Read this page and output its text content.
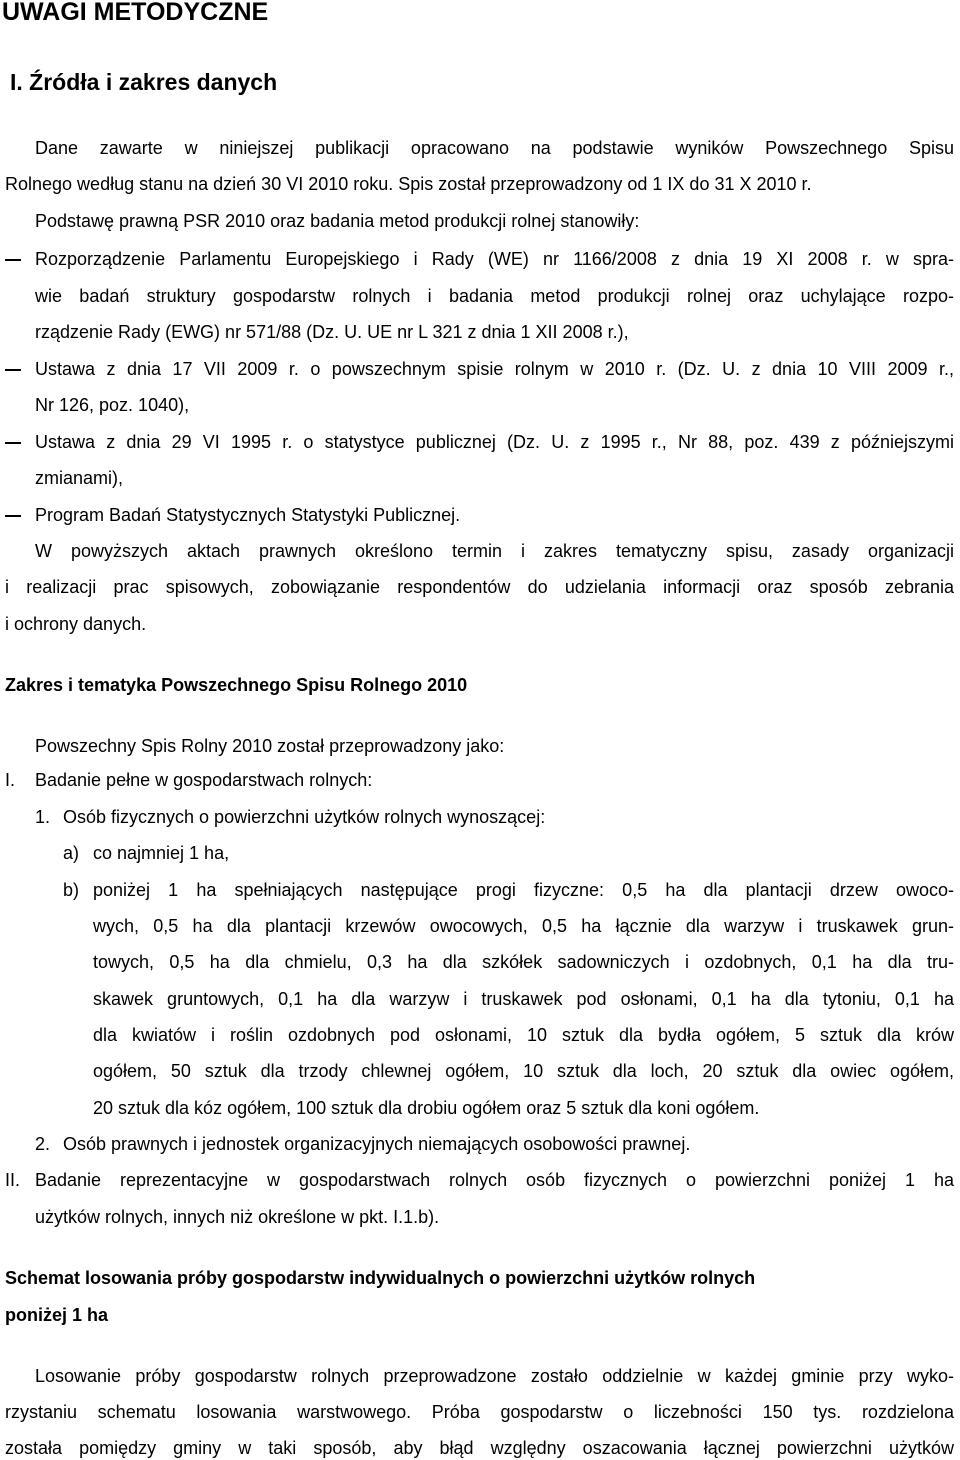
UWAGI METODYCZNE
I. Źródła i zakres danych
Dane zawarte w niniejszej publikacji opracowano na podstawie wyników Powszechnego Spisu
Rolnego według stanu na dzień 30 VI 2010 roku. Spis został przeprowadzony od 1 IX do 31 X 2010 r.
Podstawę prawną PSR 2010 oraz badania metod produkcji rolnej stanowiły:
Rozporządzenie Parlamentu Europejskiego i Rady (WE) nr 1166/2008 z dnia 19 XI 2008 r. w spra-
wie badań struktury gospodarstw rolnych i badania metod produkcji rolnej oraz uchylające rozpo-
rządzenie Rady (EWG) nr 571/88 (Dz. U. UE nr L 321 z dnia 1 XII 2008 r.),
Ustawa z dnia 17 VII 2009 r. o powszechnym spisie rolnym w 2010 r. (Dz. U. z dnia 10 VIII 2009 r.,
Nr 126, poz. 1040),
Ustawa z dnia 29 VI 1995 r. o statystyce publicznej (Dz. U. z 1995 r., Nr 88, poz. 439 z późniejszymi
zmianami),
Program Badań Statystycznych Statystyki Publicznej.
W powyższych aktach prawnych określono termin i zakres tematyczny spisu, zasady organizacji
i realizacji prac spisowych, zobowiązanie respondentów do udzielania informacji oraz sposób zebrania
i ochrony danych.
Zakres i tematyka Powszechnego Spisu Rolnego 2010
Powszechny Spis Rolny 2010 został przeprowadzony jako:
I. Badanie pełne w gospodarstwach rolnych:
1. Osób fizycznych o powierzchni użytków rolnych wynoszącej:
a) co najmniej 1 ha,
b) poniżej 1 ha spełniających następujące progi fizyczne: 0,5 ha dla plantacji drzew owoco-
wych, 0,5 ha dla plantacji krzewów owocowych, 0,5 ha łącznie dla warzyw i truskawek grun-
towych, 0,5 ha dla chmielu, 0,3 ha dla szkółek sadowniczych i ozdobnych, 0,1 ha dla tru-
skawek gruntowych, 0,1 ha dla warzyw i truskawek pod osłonami, 0,1 ha dla tytoniu, 0,1 ha
dla kwiatów i roślin ozdobnych pod osłonami, 10 sztuk dla bydła ogółem, 5 sztuk dla krów
ogółem, 50 sztuk dla trzody chlewnej ogółem, 10 sztuk dla loch, 20 sztuk dla owiec ogółem,
20 sztuk dla kóz ogółem, 100 sztuk dla drobiu ogółem oraz 5 sztuk dla koni ogółem.
2. Osób prawnych i jednostek organizacyjnych niemających osobowości prawnej.
II. Badanie reprezentacyjne w gospodarstwach rolnych osób fizycznych o powierzchni poniżej 1 ha
użytków rolnych, innych niż określone w pkt. I.1.b).
Schemat losowania próby gospodarstw indywidualnych o powierzchni użytków rolnych
poniżej 1 ha
Losowanie próby gospodarstw rolnych przeprowadzone zostało oddzielnie w każdej gminie przy wyko-
rzystaniu schematu losowania warstwowego. Próba gospodarstw o liczebności 150 tys. rozdzielona
została pomiędzy gminy w taki sposób, aby błąd względny oszacowania łącznej powierzchni użytków
